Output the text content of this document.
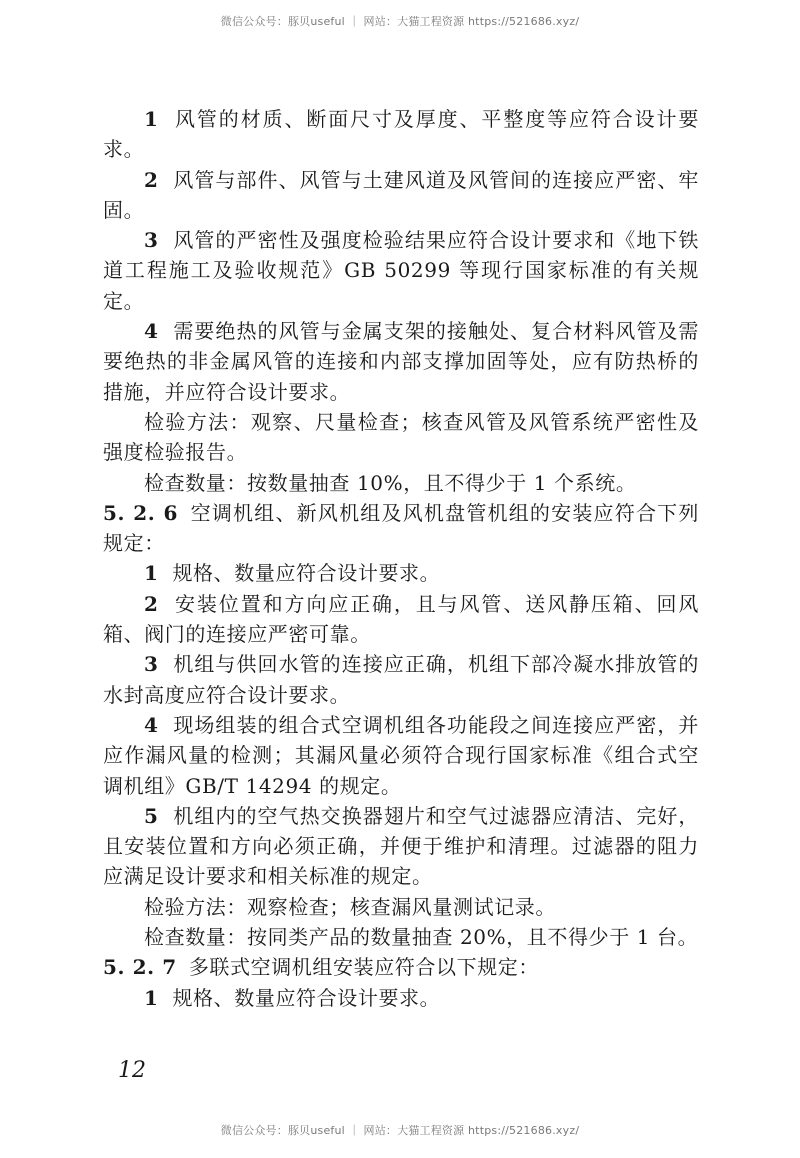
微信公众号：豚贝useful ｜ 网站：大猫工程资源 https://521686.xyz/

1 风管的材质、断面尺寸及厚度、平整度等应符合设计要求。

2 风管与部件、风管与土建风道及风管间的连接应严密、牢固。

3 风管的严密性及强度检验结果应符合设计要求和《地下铁道工程施工及验收规范》GB 50299 等现行国家标准的有关规定。

4 需要绝热的风管与金属支架的接触处、复合材料风管及需要绝热的非金属风管的连接和内部支撑加固等处，应有防热桥的措施，并应符合设计要求。

检验方法：观察、尺量检查；核查风管及风管系统严密性及强度检验报告。

检查数量：按数量抽查 10%，且不得少于 1 个系统。

5. 2. 6 空调机组、新风机组及风机盘管机组的安装应符合下列规定：

1 规格、数量应符合设计要求。

2 安装位置和方向应正确，且与风管、送风静压箱、回风箱、阀门的连接应严密可靠。

3 机组与供回水管的连接应正确，机组下部冷凝水排放管的水封高度应符合设计要求。

4 现场组装的组合式空调机组各功能段之间连接应严密，并应作漏风量的检测；其漏风量必须符合现行国家标准《组合式空调机组》GB/T 14294 的规定。

5 机组内的空气热交换器翅片和空气过滤器应清洁、完好，且安装位置和方向必须正确，并便于维护和清理。过滤器的阻力应满足设计要求和相关标准的规定。

检验方法：观察检查；核查漏风量测试记录。

检查数量：按同类产品的数量抽查 20%，且不得少于 1 台。

5. 2. 7 多联式空调机组安装应符合以下规定：

1 规格、数量应符合设计要求。

12
微信公众号：豚贝useful ｜ 网站：大猫工程资源 https://521686.xyz/
